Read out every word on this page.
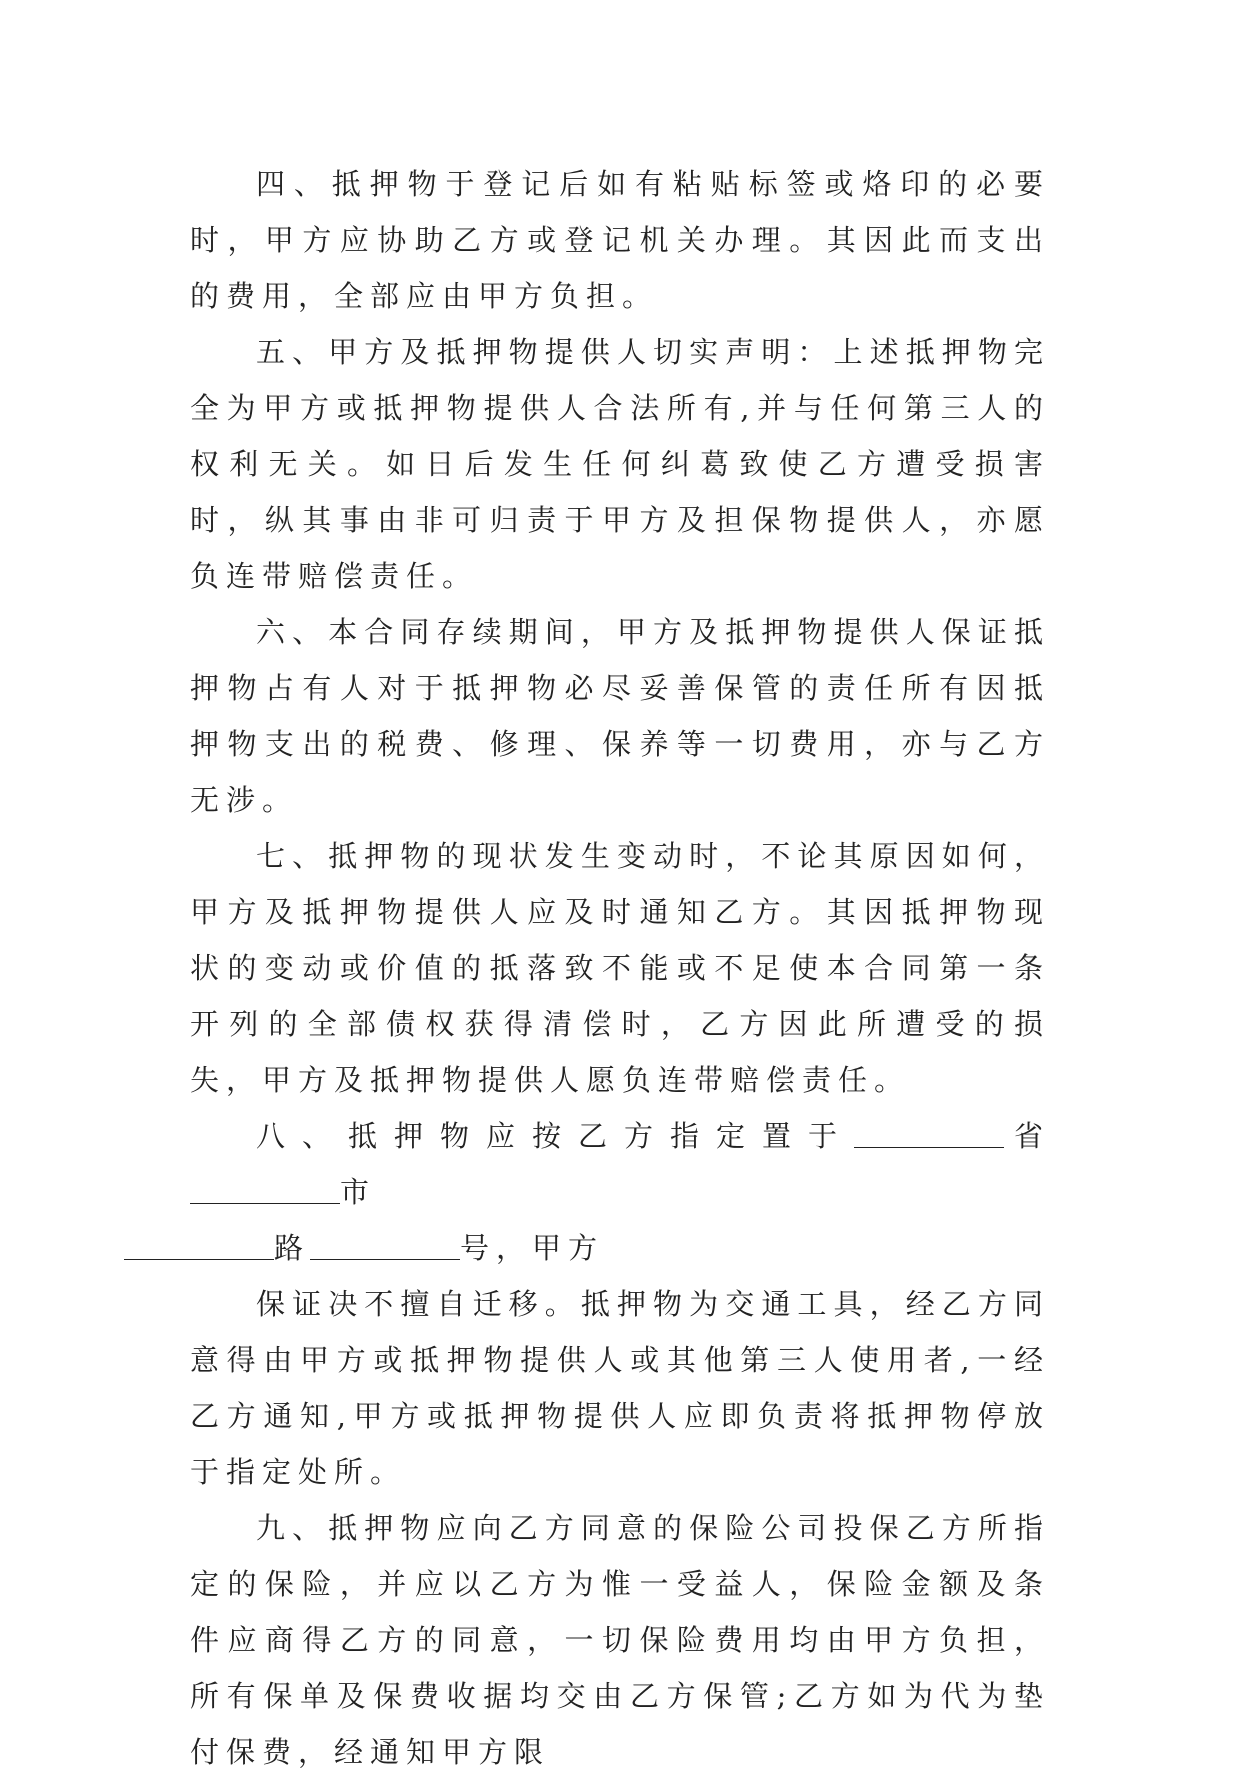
四、抵押物于登记后如有粘贴标签或烙印的必要时，甲方应协助乙方或登记机关办理。其因此而支出的费用，全部应由甲方负担。

五、甲方及抵押物提供人切实声明：上述抵押物完全为甲方或抵押物提供人合法所有,并与任何第三人的权利无关。如日后发生任何纠葛致使乙方遭受损害时，纵其事由非可归责于甲方及担保物提供人，亦愿负连带赔偿责任。

六、本合同存续期间，甲方及抵押物提供人保证抵押物占有人对于抵押物必尽妥善保管的责任所有因抵押物支出的税费、修理、保养等一切费用，亦与乙方无涉。

七、抵押物的现状发生变动时，不论其原因如何，甲方及抵押物提供人应及时通知乙方。其因抵押物现状的变动或价值的抵落致不能或不足使本合同第一条开列的全部债权获得清偿时，乙方因此所遭受的损失，甲方及抵押物提供人愿负连带赔偿责任。

八、抵押物应按乙方指定置于	省市
路	号，甲方

保证决不擅自迁移。抵押物为交通工具，经乙方同意得由甲方或抵押物提供人或其他第三人使用者,一经乙方通知,甲方或抵押物提供人应即负责将抵押物停放于指定处所。

九、抵押物应向乙方同意的保险公司投保乙方所指定的保险，并应以乙方为惟一受益人，保险金额及条件应商得乙方的同意，一切保险费用均由甲方负担，所有保单及保费收据均交由乙方保管;乙方如为代为垫付保费，经通知甲方限
